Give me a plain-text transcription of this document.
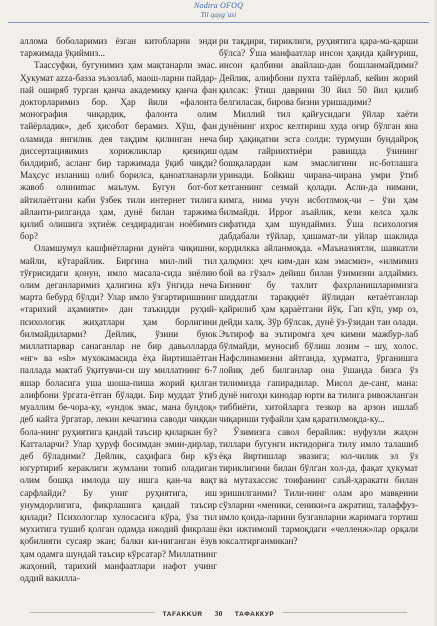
Nodira OFOQ
Til qayg`usi

аллома боболаримиз ёзган китобларни энди таржимада ўқиймиз...

Таассуфки, бугунимиз ҳам мақтанарли эмас. Ҳукумат аzza-базза эъзозлаб, маош-ларни пайдар-пай оширяб турган қанча академику қанча фан докторларимиз бор. Ҳар йили «фалонта монография чиқардик, фалонта олим тайёрладик», деб ҳисобот берамиз. Хўш, фан оламида янгилик дея тақдим қилинган неча диссертацияимиз хорижликлар қизиқиш билдириб, асланг бир таржимада ўқиб чиқди? Маҳсус изланиш олиб борилса, қаноатланарли жавоб олиниmaс маълум. Бугун бот-бот айтилаётгани каби ўзбек тили интернет тилига айланти-рилганда ҳам, дунё билан таржима қилиб олишига эҳтиёж сездирадиган ноёбимиз бор?

Оламшумул кашфиётларни дунёга чиқишни, майли, кўтарайлик. Биргина мил-лий тил тўғрисидаги қонун, имло масала-сида зиёлию олим деганларимиз ҳалигина кўз ўнгида неча марта бебурд бўлди? Улар имло ўзгартиришнинг «тарихий аҳамияти» дан таъкидди руҳий-психологик жиҳатлари ҳам борлигини билмайдиларми? Дейлик, ўзини буюк миллатпарвар санаганлар не бир давьолларда «нг» ва «sh» мухокамасида ёҳа йиртишаётган палладa мактаб ўқитувчи-си шу миллатнинг 6-7 яшар боласига ушa шоша-пиша жорий қилган алифбони ўргата-ётган бўлади. Бир муддат ўтиб муаллим бе-чора-ку, «ундок эмас, мана бундоқ» деб кайта ўргатар, лекин кечагина саводи чиққан бола-нинг руҳиятига қандай таъсир қиларкан бу? Катталарчи? Улар ҳуруф босимдан эмин-дирлар, деб бўладими? Дейлик, саҳифага бир кўз югуртириб кераклиги жумлани топиб оладиган олим бошқа имлода шу ишга қан-ча вақт сарфлайди? Бу униг руҳиятига, иш унумдорлигига, фикрлашига қандай таъсир қилади? Психологлар хулосасига кўра, ўза тил мухитига тушиб қолган одамда ижодий фикрлаш қобилияти сусаяр экан; балки ки-ниганган ёзув ҳам одамга шундай таъсир кўрсатар? Миллатнинг жаҳоний, тарихий манфаатлари нафот учинг оддий вакилла-

ри тақдири, тириклиги, руҳиятига қара-ма-қарши бўлса? Ўша манфаатлар инсон ҳақида қайғуриш, инсон қалбини авайлаш-дан бошланмайдими? Дейлик, алифбони пухта тайёрлаб, кейин жорий қилсак: ўтиш даврини 30 йил 50 йил қилиб белгиласак, бирова бизни уришадими?

Миллий тил қайғусидаги ўйлар хаёти дунёнинг ихроc келтириш худа оғир бўлган яна бир ҳақиқатни эсга солди: турмуши бундайроқ одам гайриихтиёри равишда ўзининг бошқалардан кам эмаслигини ис-ботлашга уринади. Бойкиш чирана-чирана умри ўтиб кетганнинг сезмай қолади. Асли-да нимани, кимга, нима учун исботлмоқ-чи – ўзи ҳам билмайди. Ирроr аъайлик, кези келса ҳалк сифатида ҳам шундаймиз. Ўша психология дабдабали тўйлар, ҳашамат-ли уйлар шаклида кордилкка айланмоқда. «Маъназиятли, шавкатли ҳалқмиз: ҳеч ким-дан кам эмасмиз», «илмимиз бой ва гўзал» дейиш билан ўзимизни алдаймиз. Бизнинг бу тахлит фахрланишларимизга шиддатли тараққиёт йўлидан кетаётганлар қайрилиб ҳам қараётгани йўқ. Гап кўп, умр оз, дейди халқ. Зўр бўлсак, дунё ўз-ўзидан тан олади. Эътироф ва эътиромга ҳеч кимни мажбур-лаб бўлмайди, муносиб бўлиш лозим – шу, холос. Нафслинамизни айтганда, ҳурматга, ўрганишга лойиқ деб билганлар она ўшанда бизга ўз тилимизда гапирадилар. Мисол де-санг, мана: дунё нигоҳи кинодар юрти ва тилига ривожланган тиббиёти, хитойларга тезкор ва арзон ишлаб чиқариши туфайли ҳам қаратилмоқда-ку...

Ўзимизга савол берайлик: нуфузли жаҳон тиллари бугунги иктидорига тилу имло талашиб ёқа йиртишлар эвазига; юл-чилик эл ўз тириклигини билан бўлган хол-да, фақат ҳукумат ва мутахассис тоифанинг саъй-ҳаракати билан эришилганми? Тили-нинг олам аро мавқеини сўзларни «меники, сеники»га ажратиш, талаффуз-имло қоида-ларини бузганларни жаримага тортиш ёки ижтимоий тармоқдаги «челленж»лар орқали юксалтирганмикан?

TAFAKKUR 30 ТАФАККУР
